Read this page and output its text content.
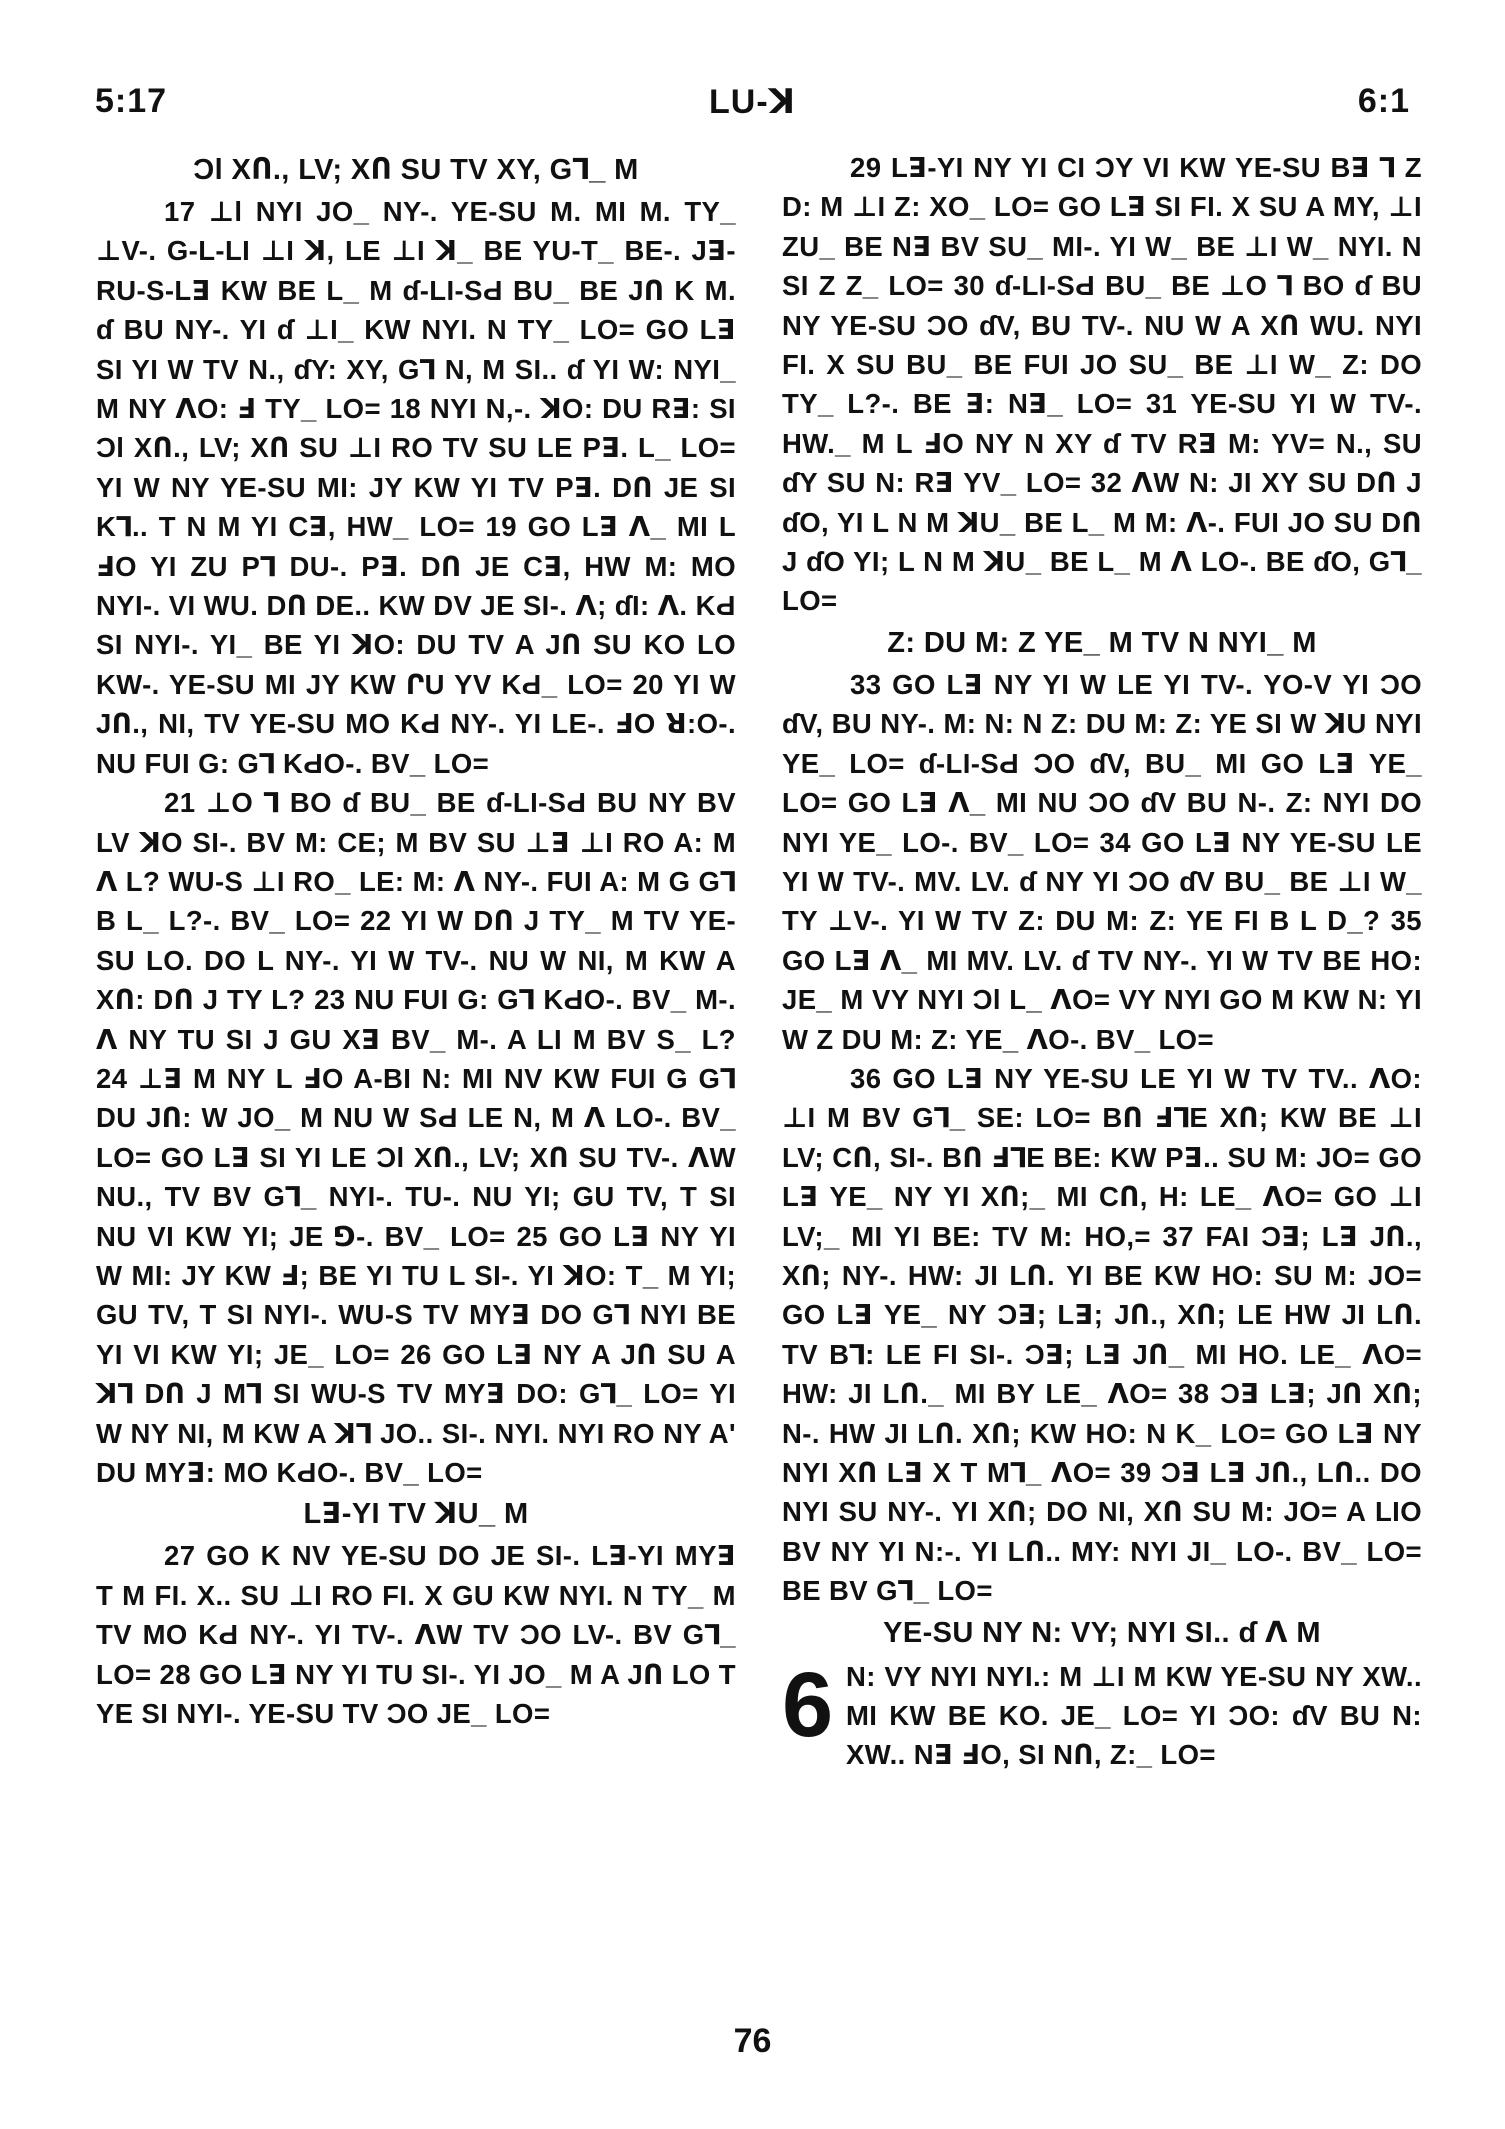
5:17	LU-ꓘ	6:1
Ɔl XՈ., LV; XՈ SU TV XY, Gꓶ_ M

17 ⊥l NYI JO_ NY-. YE-SU M. MI M. TY_ ⊥V-. G-L-LI ⊥I ꓘ, LE ⊥I ꓘ_ BE YU-T_ BE-. Jꓱ-RU-S-Lꓱ KW BE L_ M ɗ-LI-SԀ BU_ BE JՈ K M. ɗ BU NY-. YI ɗ ⊥I_ KW NYI. N TY_ LO= GO Lꓱ SI YI W TV N., ɗY: XY, Gꓶ N, M SI.. ɗ YI W: NYI_ M NY ꓥO: Ⅎ TY_ LO= 18 NYI N,-. ꓘO: DU Rꓱ: SI Ɔl XՈ., LV; XՈ SU ⊥I RO TV SU LE Pꓱ. L_ LO= YI W NY YE-SU MI: JY KW YI TV Pꓱ. DՈ JE SI Kꓶ.. T N M YI Cꓱ, HW_ LO= 19 GO Lꓱ ꓥ_ MI L ℲO YI ZU Pꓶ DU-. Pꓱ. DՈ JE Cꓱ, HW M: MO NYI-. VI WU. DՈ DE.. KW DV JE SI-. ꓥ; ɗI: ꓥ. KԀ SI NYI-. YI_ BE YI ꓘO: DU TV A JՈ SU KO LO KW-. YE-SU MI JY KW ՐU YV KԀ_ LO= 20 YI W JՈ., NI, TV YE-SU MO KԀ NY-. YI LE-. ℲO ꓤ:O-. NU FUI G: Gꓶ KԀO-. BV_ LO=

21 ⊥O ꓶ BO ɗ BU_ BE ɗ-LI-SԀ BU NY BV LV ꓘO SI-. BV M: CE; M BV SU ⊥ꓱ ⊥I RO A: M ꓥ L? WU-S ⊥I RO_ LE: M: ꓥ NY-. FUI A: M G Gꓶ B L_ L?-. BV_ LO= 22 YI W DՈ J TY_ M TV YE-SU LO. DO L NY-. YI W TV-. NU W NI, M KW A XՈ: DՈ J TY L? 23 NU FUI G: Gꓶ KԀO-. BV_ M-. ꓥ NY TU SI J GU Xꓱ BV_ M-. A LI M BV S_ L? 24 ⊥ꓱ M NY L ℲO A-BI N: MI NV KW FUI G Gꓶ DU JՈ: W JO_ M NU W SԀ LE N, M ꓥ LO-. BV_ LO= GO Lꓱ SI YI LE Ɔl XՈ., LV; XՈ SU TV-. ꓥW NU., TV BV Gꓶ_ NYI-. TU-. NU YI; GU TV, T SI NU VI KW YI; JE ⅁-. BV_ LO= 25 GO Lꓱ NY YI W MI: JY KW Ⅎ; BE YI TU L SI-. YI ꓘO: T_ M YI; GU TV, T SI NYI-. WU-S TV MYꓱ DO Gꓶ NYI BE YI VI KW YI; JE_ LO= 26 GO Lꓱ NY A JՈ SU A ꓘꓶ DՈ J Mꓶ SI WU-S TV MYꓱ DO: Gꓶ_ LO= YI W NY NI, M KW A ꓘꓶ JO.. SI-. NYI. NYI RO NY A' DU MYꓱ: MO KԀO-. BV_ LO=

Lꓱ-YI TV ꓘU_ M

27 GO K NV YE-SU DO JE SI-. Lꓱ-YI MYꓱ T M FI. X.. SU ⊥I RO FI. X GU KW NYI. N TY_ M TV MO KԀ NY-. YI TV-. ꓥW TV ƆO LV-. BV Gꓶ_ LO= 28 GO Lꓱ NY YI TU SI-. YI JO_ M A JՈ LO T YE SI NYI-. YE-SU TV ƆO JE_ LO=

29 Lꓱ-YI NY YI CI ƆY VI KW YE-SU Bꓱ ꓶ Z D: M ⊥I Z: XO_ LO= GO Lꓱ SI FI. X SU A MY, ⊥I ZU_ BE Nꓱ BV SU_ MI-. YI W_ BE ⊥I W_ NYI. N SI Z Z_ LO= 30 ɗ-LI-SԀ BU_ BE ⊥O ꓶ BO ɗ BU NY YE-SU ƆO ɗV, BU TV-. NU W A XՈ WU. NYI FI. X SU BU_ BE FUI JO SU_ BE ⊥I W_ Z: DO TY_ L?-. BE ꓱ: Nꓱ_ LO= 31 YE-SU YI W TV-. HW._ M L ℲO NY N XY ɗ TV Rꓱ M: YV= N., SU ɗY SU N: Rꓱ YV_ LO= 32 ꓥW N: JI XY SU DՈ J ɗO, YI L N M ꓘU_ BE L_ M M: ꓥ-. FUI JO SU DՈ J ɗO YI; L N M ꓘU_ BE L_ M ꓥ LO-. BE ɗO, Gꓶ_ LO=

Z: DU M: Z YE_ M TV N NYI_ M

33 GO Lꓱ NY YI W LE YI TV-. YO-V YI ƆO ɗV, BU NY-. M: N: N Z: DU M: Z: YE SI W ꓘU NYI YE_ LO= ɗ-LI-SԀ ƆO ɗV, BU_ MI GO Lꓱ YE_ LO= GO Lꓱ ꓥ_ MI NU ƆO ɗV BU N-. Z: NYI DO NYI YE_ LO-. BV_ LO= 34 GO Lꓱ NY YE-SU LE YI W TV-. MV. LV. ɗ NY YI ƆO ɗV BU_ BE ⊥I W_ TY ⊥V-. YI W TV Z: DU M: Z: YE FI B L D_? 35 GO Lꓱ ꓥ_ MI MV. LV. ɗ TV NY-. YI W TV BE HO: JE_ M VY NYI Ɔl L_ ꓥO= VY NYI GO M KW N: YI W Z DU M: Z: YE_ ꓥO-. BV_ LO=

36 GO Lꓱ NY YE-SU LE YI W TV TV.. ꓥO: ⊥I M BV Gꓶ_ SE: LO= BՈ ℲꓶE XՈ; KW BE ⊥I LV; CՈ, SI-. BՈ ℲꓶE BE: KW Pꓱ.. SU M: JO= GO Lꓱ YE_ NY YI XՈ;_ MI CՈ, H: LE_ ꓥO= GO ⊥I LV;_ MI YI BE: TV M: HO,= 37 FAI Ɔꓱ; Lꓱ JՈ., XՈ; NY-. HW: JI LՈ. YI BE KW HO: SU M: JO= GO Lꓱ YE_ NY Ɔꓱ; Lꓱ; JՈ., XՈ; LE HW JI LՈ. TV Bꓶ: LE FI SI-. Ɔꓱ; Lꓱ JՈ_ MI HO. LE_ ꓥO= HW: JI LՈ._ MI BY LE_ ꓥO= 38 Ɔꓱ Lꓱ; JՈ XՈ; N-. HW JI LՈ. XՈ; KW HO: N K_ LO= GO Lꓱ NY NYI XՈ Lꓱ X T Mꓶ_ ꓥO= 39 Ɔꓱ Lꓱ JՈ., LՈ.. DO NYI SU NY-. YI XՈ; DO NI, XՈ SU M: JO= A LIO BV NY YI N:-. YI LՈ.. MY: NYI JI_ LO-. BV_ LO= BE BV Gꓶ_ LO=

YE-SU NY N: VY; NYI SI.. ɗ ꓥ M
6 N: VY NYI NYI.: M ⊥I M KW YE-SU NY XW.. MI KW BE KO. JE_ LO= YI ƆO: ɗV BU N: XW.. Nꓱ ℲO, SI NՈ, Z:_ LO=

76
